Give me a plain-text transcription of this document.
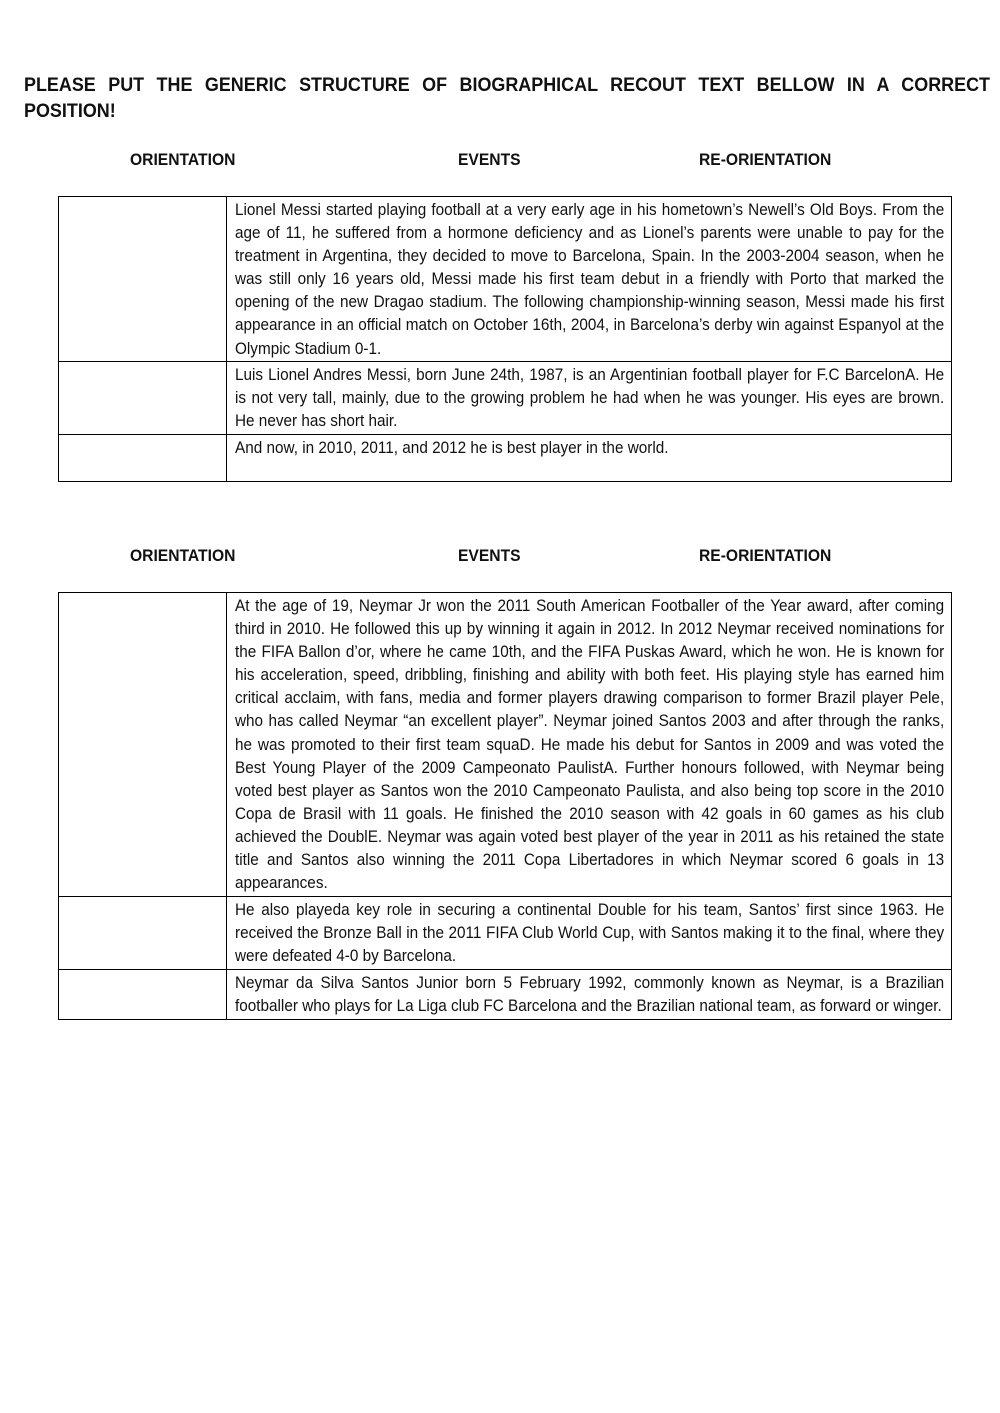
PLEASE PUT THE GENERIC STRUCTURE OF BIOGRAPHICAL RECOUT TEXT BELLOW IN A CORRECT POSITION!
ORIENTATION	EVENTS	RE-ORIENTATION

	Lionel Messi started playing football at a very early age in his hometown’s Newell’s Old Boys. From the age of 11, he suffered from a hormone deficiency and as Lionel’s parents were unable to pay for the treatment in Argentina, they decided to move to Barcelona, Spain. In the 2003-2004 season, when he was still only 16 years old, Messi made his first team debut in a friendly with Porto that marked the opening of the new Dragao stadium. The following championship-winning season, Messi made his first appearance in an official match on October 16th, 2004, in Barcelona’s derby win against Espanyol at the Olympic Stadium 0-1.

	Luis Lionel Andres Messi, born June 24th, 1987, is an Argentinian football player for F.C BarcelonA. He is not very tall, mainly, due to the growing problem he had when he was younger. His eyes are brown. He never has short hair.

	And now, in 2010, 2011, and 2012 he is best player in the world.
ORIENTATION	EVENTS	RE-ORIENTATION

	At the age of 19, Neymar Jr won the 2011 South American Footballer of the Year award, after coming third in 2010. He followed this up by winning it again in 2012. In 2012 Neymar received nominations for the FIFA Ballon d’or, where he came 10th, and the FIFA Puskas Award, which he won. He is known for his acceleration, speed, dribbling, finishing and ability with both feet. His playing style has earned him critical acclaim, with fans, media and former players drawing comparison to former Brazil player Pele, who has called Neymar “an excellent player”. Neymar joined Santos 2003 and after through the ranks, he was promoted to their first team squaD. He made his debut for Santos in 2009 and was voted the Best Young Player of the 2009 Campeonato PaulistA. Further honours followed, with Neymar being voted best player as Santos won the 2010 Campeonato Paulista, and also being top score in the 2010 Copa de Brasil with 11 goals. He finished the 2010 season with 42 goals in 60 games as his club achieved the DoublE. Neymar was again voted best player of the year in 2011 as his retained the state title and Santos also winning the 2011 Copa Libertadores in which Neymar scored 6 goals in 13 appearances.

	He also playeda key role in securing a continental Double for his team, Santos’ first since 1963. He received the Bronze Ball in the 2011 FIFA Club World Cup, with Santos making it to the final, where they were defeated 4-0 by Barcelona.

	Neymar da Silva Santos Junior born 5 February 1992, commonly known as Neymar, is a Brazilian footballer who plays for La Liga club FC Barcelona and the Brazilian national team, as forward or winger.
